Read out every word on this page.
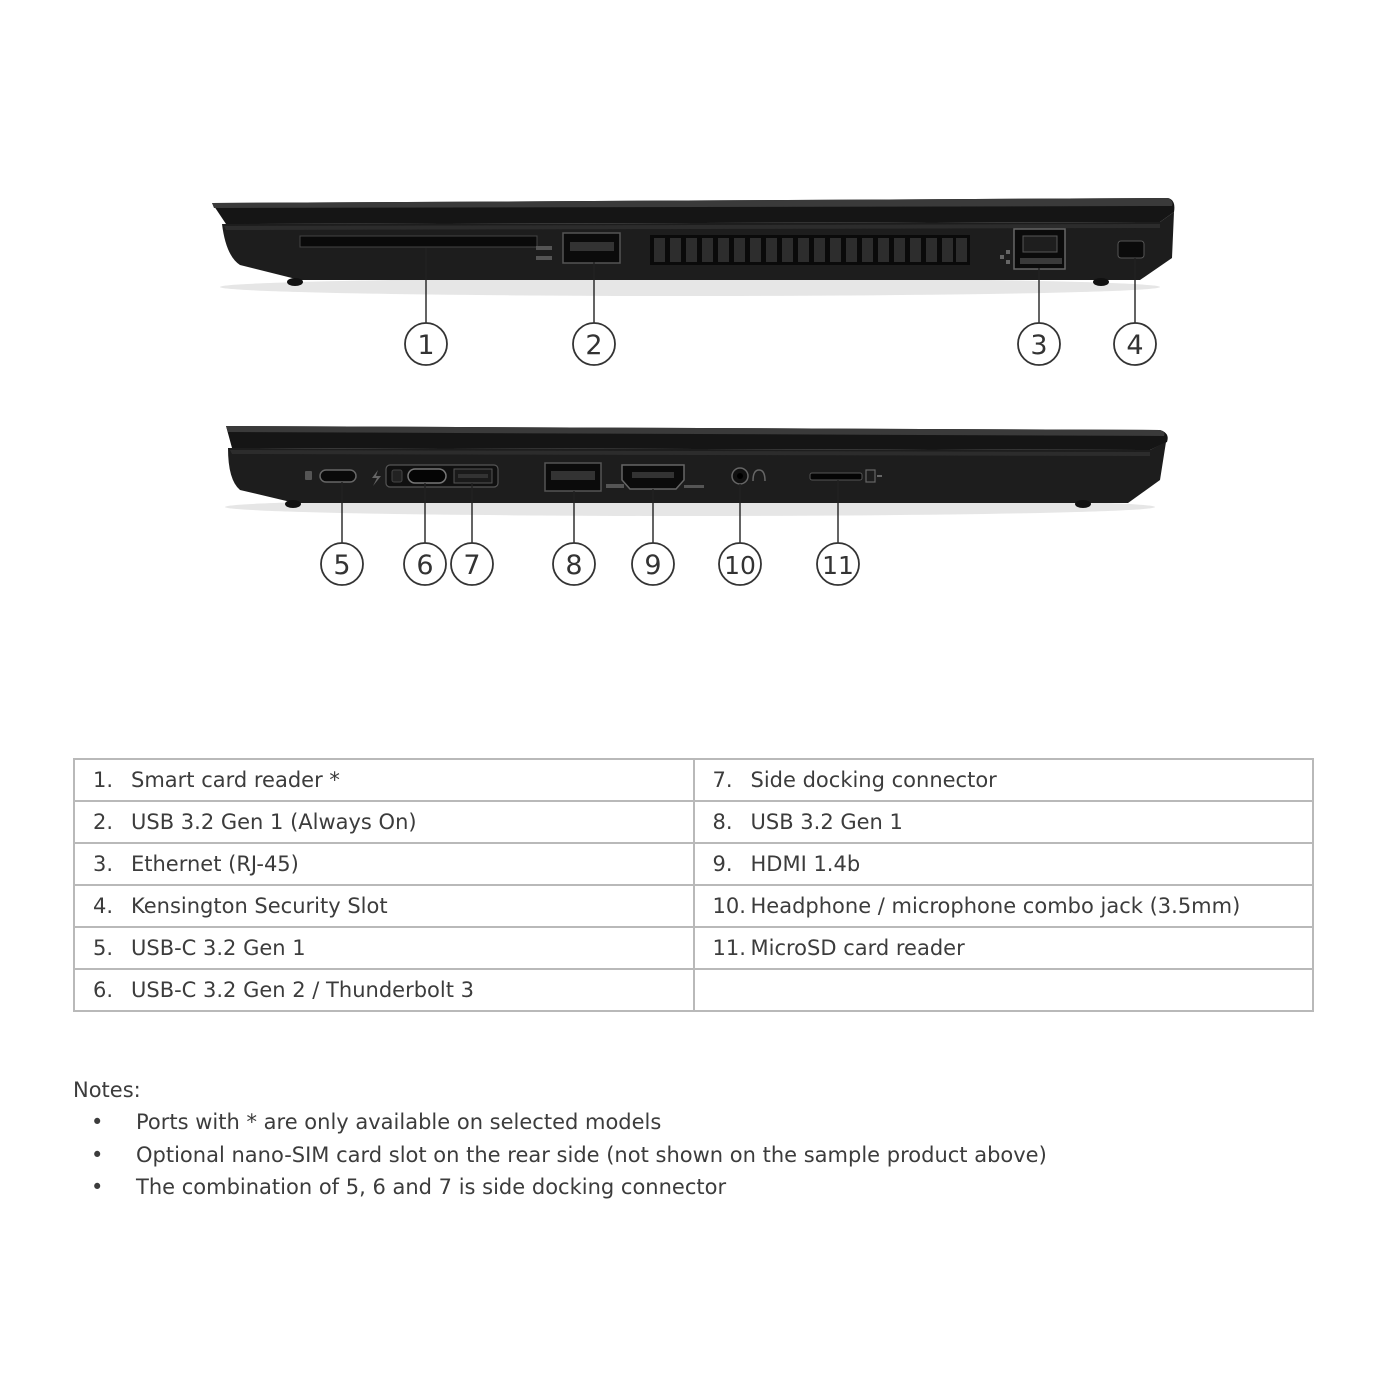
1	2	3	4
5 6 7	8 9	10	11
1. Smart card reader *	7. Side docking connector
2. USB 3.2 Gen 1 (Always On)	8. USB 3.2 Gen 1
3. Ethernet (RJ-45)	9. HDMI 1.4b
4. Kensington Security Slot	10. Headphone / microphone combo jack (3.5mm)
5. USB-C 3.2 Gen 1	11. MicroSD card reader
6. USB-C 3.2 Gen 2 / Thunderbolt 3	
Notes:
• Ports with * are only available on selected models
• Optional nano-SIM card slot on the rear side (not shown on the sample product above)
• The combination of 5, 6 and 7 is side docking connector
